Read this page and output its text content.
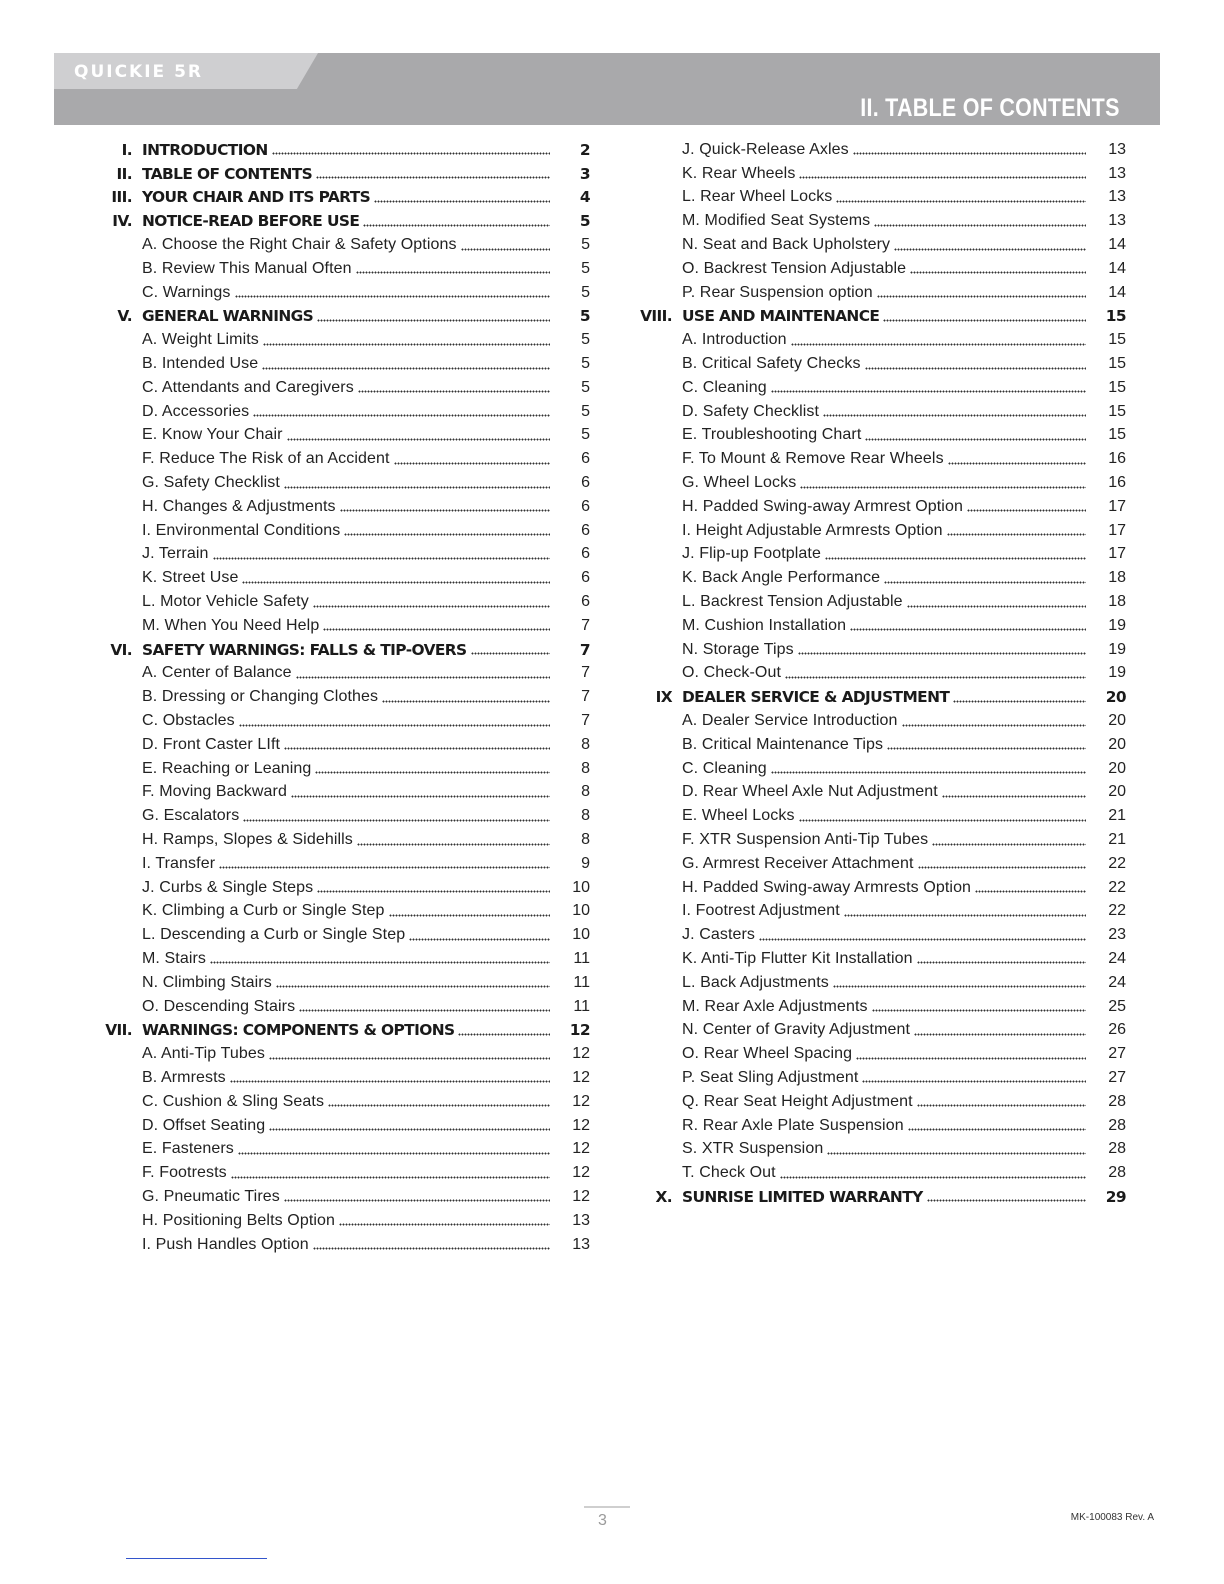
QUICKIE 5R
II. TABLE OF CONTENTS
I. INTRODUCTION	2
II. TABLE OF CONTENTS	3
III. YOUR CHAIR AND ITS PARTS	4
IV. NOTICE-READ BEFORE USE	5
A. Choose the Right Chair & Safety Options	5
B. Review This Manual Often	5
C. Warnings	5
V. GENERAL WARNINGS	5
A. Weight Limits	5
B. Intended Use	5
C. Attendants and Caregivers	5
D. Accessories	5
E. Know Your Chair	5
F. Reduce The Risk of an Accident	6
G. Safety Checklist	6
H. Changes & Adjustments	6
I. Environmental Conditions	6
J. Terrain	6
K. Street Use	6
L. Motor Vehicle Safety	6
M. When You Need Help	7
VI. SAFETY WARNINGS: FALLS & TIP-OVERS	7
A. Center of Balance	7
B. Dressing or Changing Clothes	7
C. Obstacles	7
D. Front Caster LIft	8
E. Reaching or Leaning	8
F. Moving Backward	8
G. Escalators	8
H. Ramps, Slopes & Sidehills	8
I. Transfer	9
J. Curbs & Single Steps	10
K. Climbing a Curb or Single Step	10
L. Descending a Curb or Single Step	10
M. Stairs	11
N. Climbing Stairs	11
O. Descending Stairs	11
VII. WARNINGS: COMPONENTS & OPTIONS	12
A. Anti-Tip Tubes	12
B. Armrests	12
C. Cushion & Sling Seats	12
D. Offset Seating	12
E. Fasteners	12
F. Footrests	12
G. Pneumatic Tires	12
H. Positioning Belts Option	13
I. Push Handles Option	13
J. Quick-Release Axles	13
K. Rear Wheels	13
L. Rear Wheel Locks	13
M. Modified Seat Systems	13
N. Seat and Back Upholstery	14
O. Backrest Tension Adjustable	14
P. Rear Suspension option	14
VIII. USE AND MAINTENANCE	15
A. Introduction	15
B. Critical Safety Checks	15
C. Cleaning	15
D. Safety Checklist	15
E. Troubleshooting Chart	15
F. To Mount & Remove Rear Wheels	16
G. Wheel Locks	16
H. Padded Swing-away Armrest Option	17
I. Height Adjustable Armrests Option	17
J. Flip-up Footplate	17
K. Back Angle Performance	18
L. Backrest Tension Adjustable	18
M. Cushion Installation	19
N. Storage Tips	19
O. Check-Out	19
IX DEALER SERVICE & ADJUSTMENT	20
A. Dealer Service Introduction	20
B. Critical Maintenance Tips	20
C. Cleaning	20
D. Rear Wheel Axle Nut Adjustment	20
E. Wheel Locks	21
F. XTR Suspension Anti-Tip Tubes	21
G. Armrest Receiver Attachment	22
H. Padded Swing-away Armrests Option	22
I. Footrest Adjustment	22
J. Casters	23
K. Anti-Tip Flutter Kit Installation	24
L. Back Adjustments	24
M. Rear Axle Adjustments	25
N. Center of Gravity Adjustment	26
O. Rear Wheel Spacing	27
P. Seat Sling Adjustment	27
Q. Rear Seat Height Adjustment	28
R. Rear Axle Plate Suspension	28
S. XTR Suspension	28
T. Check Out	28
X. SUNRISE LIMITED WARRANTY	29
3	MK-100083 Rev. A
